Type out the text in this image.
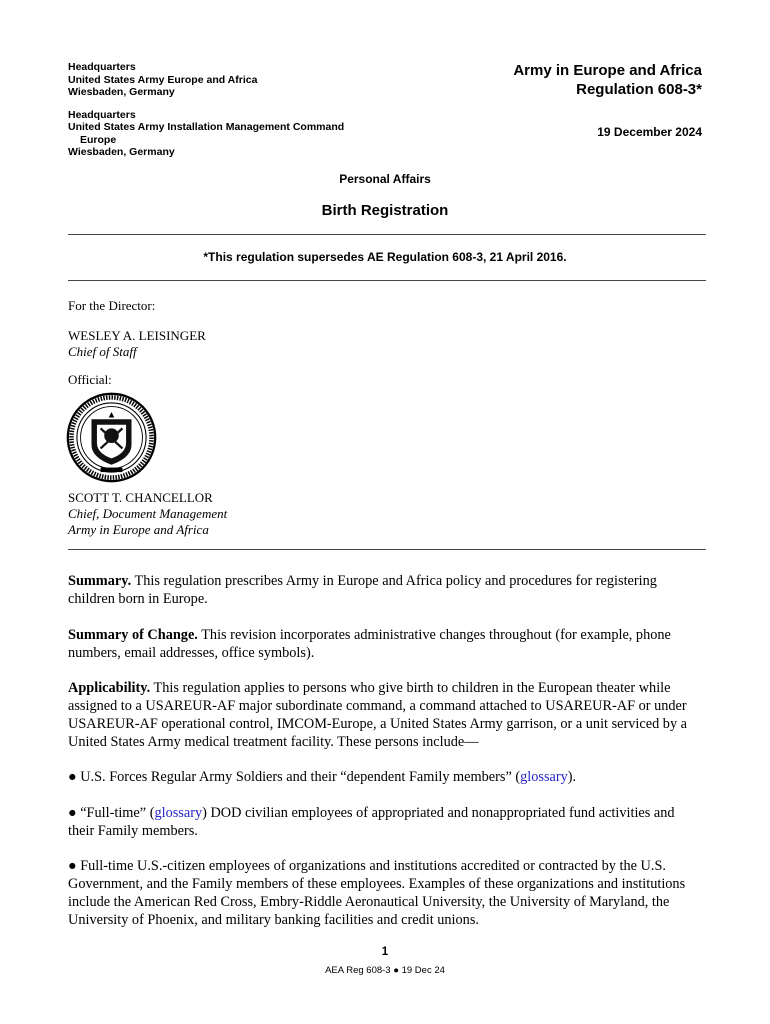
Headquarters
United States Army Europe and Africa
Wiesbaden, Germany
Headquarters
United States Army Installation Management Command
Europe
Wiesbaden, Germany
Army in Europe and Africa
Regulation 608-3*
19 December 2024
Personal Affairs
Birth Registration
*This regulation supersedes AE Regulation 608-3, 21 April 2016.
For the Director:
WESLEY A. LEISINGER
Chief of Staff
Official:
SCOTT T. CHANCELLOR
Chief, Document Management
Army in Europe and Africa

Summary. This regulation prescribes Army in Europe and Africa policy and procedures for registering children born in Europe.

Summary of Change. This revision incorporates administrative changes throughout (for example, phone numbers, email addresses, office symbols).

Applicability. This regulation applies to persons who give birth to children in the European theater while assigned to a USAREUR-AF major subordinate command, a command attached to USAREUR-AF or under USAREUR-AF operational control, IMCOM-Europe, a United States Army garrison, or a unit serviced by a United States Army medical treatment facility. These persons include—

● U.S. Forces Regular Army Soldiers and their “dependent Family members” (glossary).

● “Full-time” (glossary) DOD civilian employees of appropriated and nonappropriated fund activities and their Family members.

● Full-time U.S.-citizen employees of organizations and institutions accredited or contracted by the U.S. Government, and the Family members of these employees. Examples of these organizations and institutions include the American Red Cross, Embry-Riddle Aeronautical University, the University of Maryland, the University of Phoenix, and military banking facilities and credit unions.

1
AEA Reg 608-3 ● 19 Dec 24
